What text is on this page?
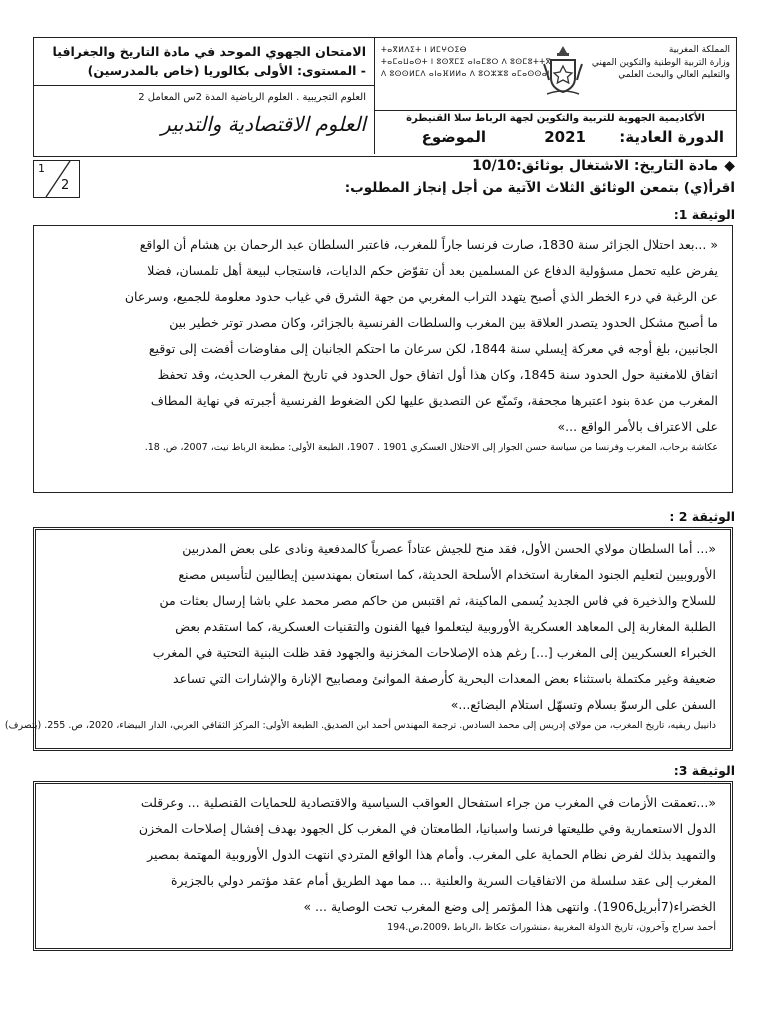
الامتحان الجهوي الموحد في مادة التاريخ والجغرافيا
- المستوى: الأولى بكالوريا (خاص بالمدرسين)
العلوم التجريبية . العلوم الرياضية المدة 2س المعامل 2
العلوم الاقتصادية والتدبير
ⵜⴰⴳⵍⴷⵉⵜ ⵏ ⵍⵎⵖⵔⵉⴱ
ⵜⴰⵎⴰⵡⴰⵙⵜ ⵏ ⵓⵙⴳⵎⵉ ⴰⵏⴰⵎⵓⵔ ⴷ ⵓⵙⵎⵓⵜⵜⴳ
ⴷ ⵓⵙⵙⵍⵎⴷ ⴰⵏⴰⴼⵍⵍⴰ ⴷ ⵓⵔⵣⵣⵓ ⴰⵎⴰⵙⵙⴰⵏ
المملكة المغربية
وزارة التربية الوطنية والتكوين المهني
والتعليم العالي والبحث العلمي
الأكاديمية الجهوية للتربية والتكوين لجهة الرباط سلا القنيطرة
الدورة العادية:
2021
الموضوع
1
2
◆مادة التاريخ: الاشتغال بوثائق:10/10
اقرأ(ي) بتمعن الوثائق الثلاث الآتية من أجل إنجاز المطلوب:
الوثيقة 1:
« ...بعد احتلال الجزائر سنة 1830، صارت فرنسا جاراً للمغرب، فاعتبر السلطان عبد الرحمان بن هشام أن الواقع
يفرض عليه تحمل مسؤولية الدفاع عن المسلمين بعد أن تقوّض حكم الدايات، فاستجاب لبيعة أهل تلمسان، فضلا
عن الرغبة في درء الخطر الذي أصبح يتهدد التراب المغربي من جهة الشرق في غياب حدود معلومة للجميع، وسرعان
ما أصبح مشكل الحدود يتصدر العلاقة بين المغرب والسلطات الفرنسية بالجزائر، وكان مصدر توتر خطير بين
الجانبين، بلغ أوجه في معركة إيسلي سنة 1844، لكن سرعان ما احتكم الجانبان إلى مفاوضات أفضت إلى توقيع
اتفاق للامغنية حول الحدود سنة 1845، وكان هذا أول اتفاق حول الحدود في تاريخ المغرب الحديث، وقد تحفظ
المغرب من عدة بنود اعتبرها مجحفة، وتَمنّع عن التصديق عليها لكن الضغوط الفرنسية أجبرته في نهاية المطاف
على الاعتراف بالأمر الواقع ...»
عكاشة برحاب، المغرب وفرنسا من سياسة حسن الجوار إلى الاحتلال العسكري 1901 . 1907، الطبعة الأولى: مطبعة الرباط نيت، 2007، ص. 18.
الوثيقة 2 :
«... أما السلطان مولاي الحسن الأول، فقد منح للجيش عتاداً عصرياً كالمدفعية ونادى على بعض المدربين
الأوروبيين لتعليم الجنود المغاربة استخدام الأسلحة الحديثة، كما استعان بمهندسين إيطاليين لتأسيس مصنع
للسلاح والذخيرة في فاس الجديد يُسمى الماكينة، ثم اقتبس من حاكم مصر محمد علي باشا إرسال بعثات من
الطلبة المغاربة إلى المعاهد العسكرية الأوروبية ليتعلموا فيها الفنون والتقنيات العسكرية، كما استقدم بعض
الخبراء العسكريين إلى المغرب [...] رغم هذه الإصلاحات المخزنية والجهود فقد ظلت البنية التحتية في المغرب
ضعيفة وغير مكتملة باستثناء بعض المعدات البحرية كأرصفة الموانئ ومصابيح الإنارة والإشارات التي تساعد
السفن على الرسوّ بسلام وتسهّل استلام البضائع...»
دانييل ريفيه، تاريخ المغرب، من مولاي إدريس إلى محمد السادس. ترجمة المهندس أحمد ابن الصديق. الطبعة الأولى: المركز الثقافي العربي، الدار البيضاء، 2020، ص. 255. (بتصرف)
الوثيقة 3:
«...تعمقت الأزمات في المغرب من جراء استفحال العواقب السياسية والاقتصادية للحمايات القنصلية ... وعرقلت
الدول الاستعمارية وفي طليعتها فرنسا واسبانيا، الطامعتان في المغرب كل الجهود بهدف إفشال إصلاحات المخزن
والتمهيد بذلك لفرض نظام الحماية على المغرب. وأمام هذا الواقع المتردي انتهت الدول الأوروبية المهتمة بمصير
المغرب إلى عقد سلسلة من الاتفاقيات السرية والعلنية ... مما مهد الطريق أمام عقد مؤتمر دولي بالجزيرة
الخضراء(7أبريل1906). وانتهى هذا المؤتمر إلى وضع المغرب تحت الوصاية ... »
أحمد سراج وآخرون، تاريخ الدولة المغربية ،منشورات عكاظ ،الرباط ،2009،ص.194
